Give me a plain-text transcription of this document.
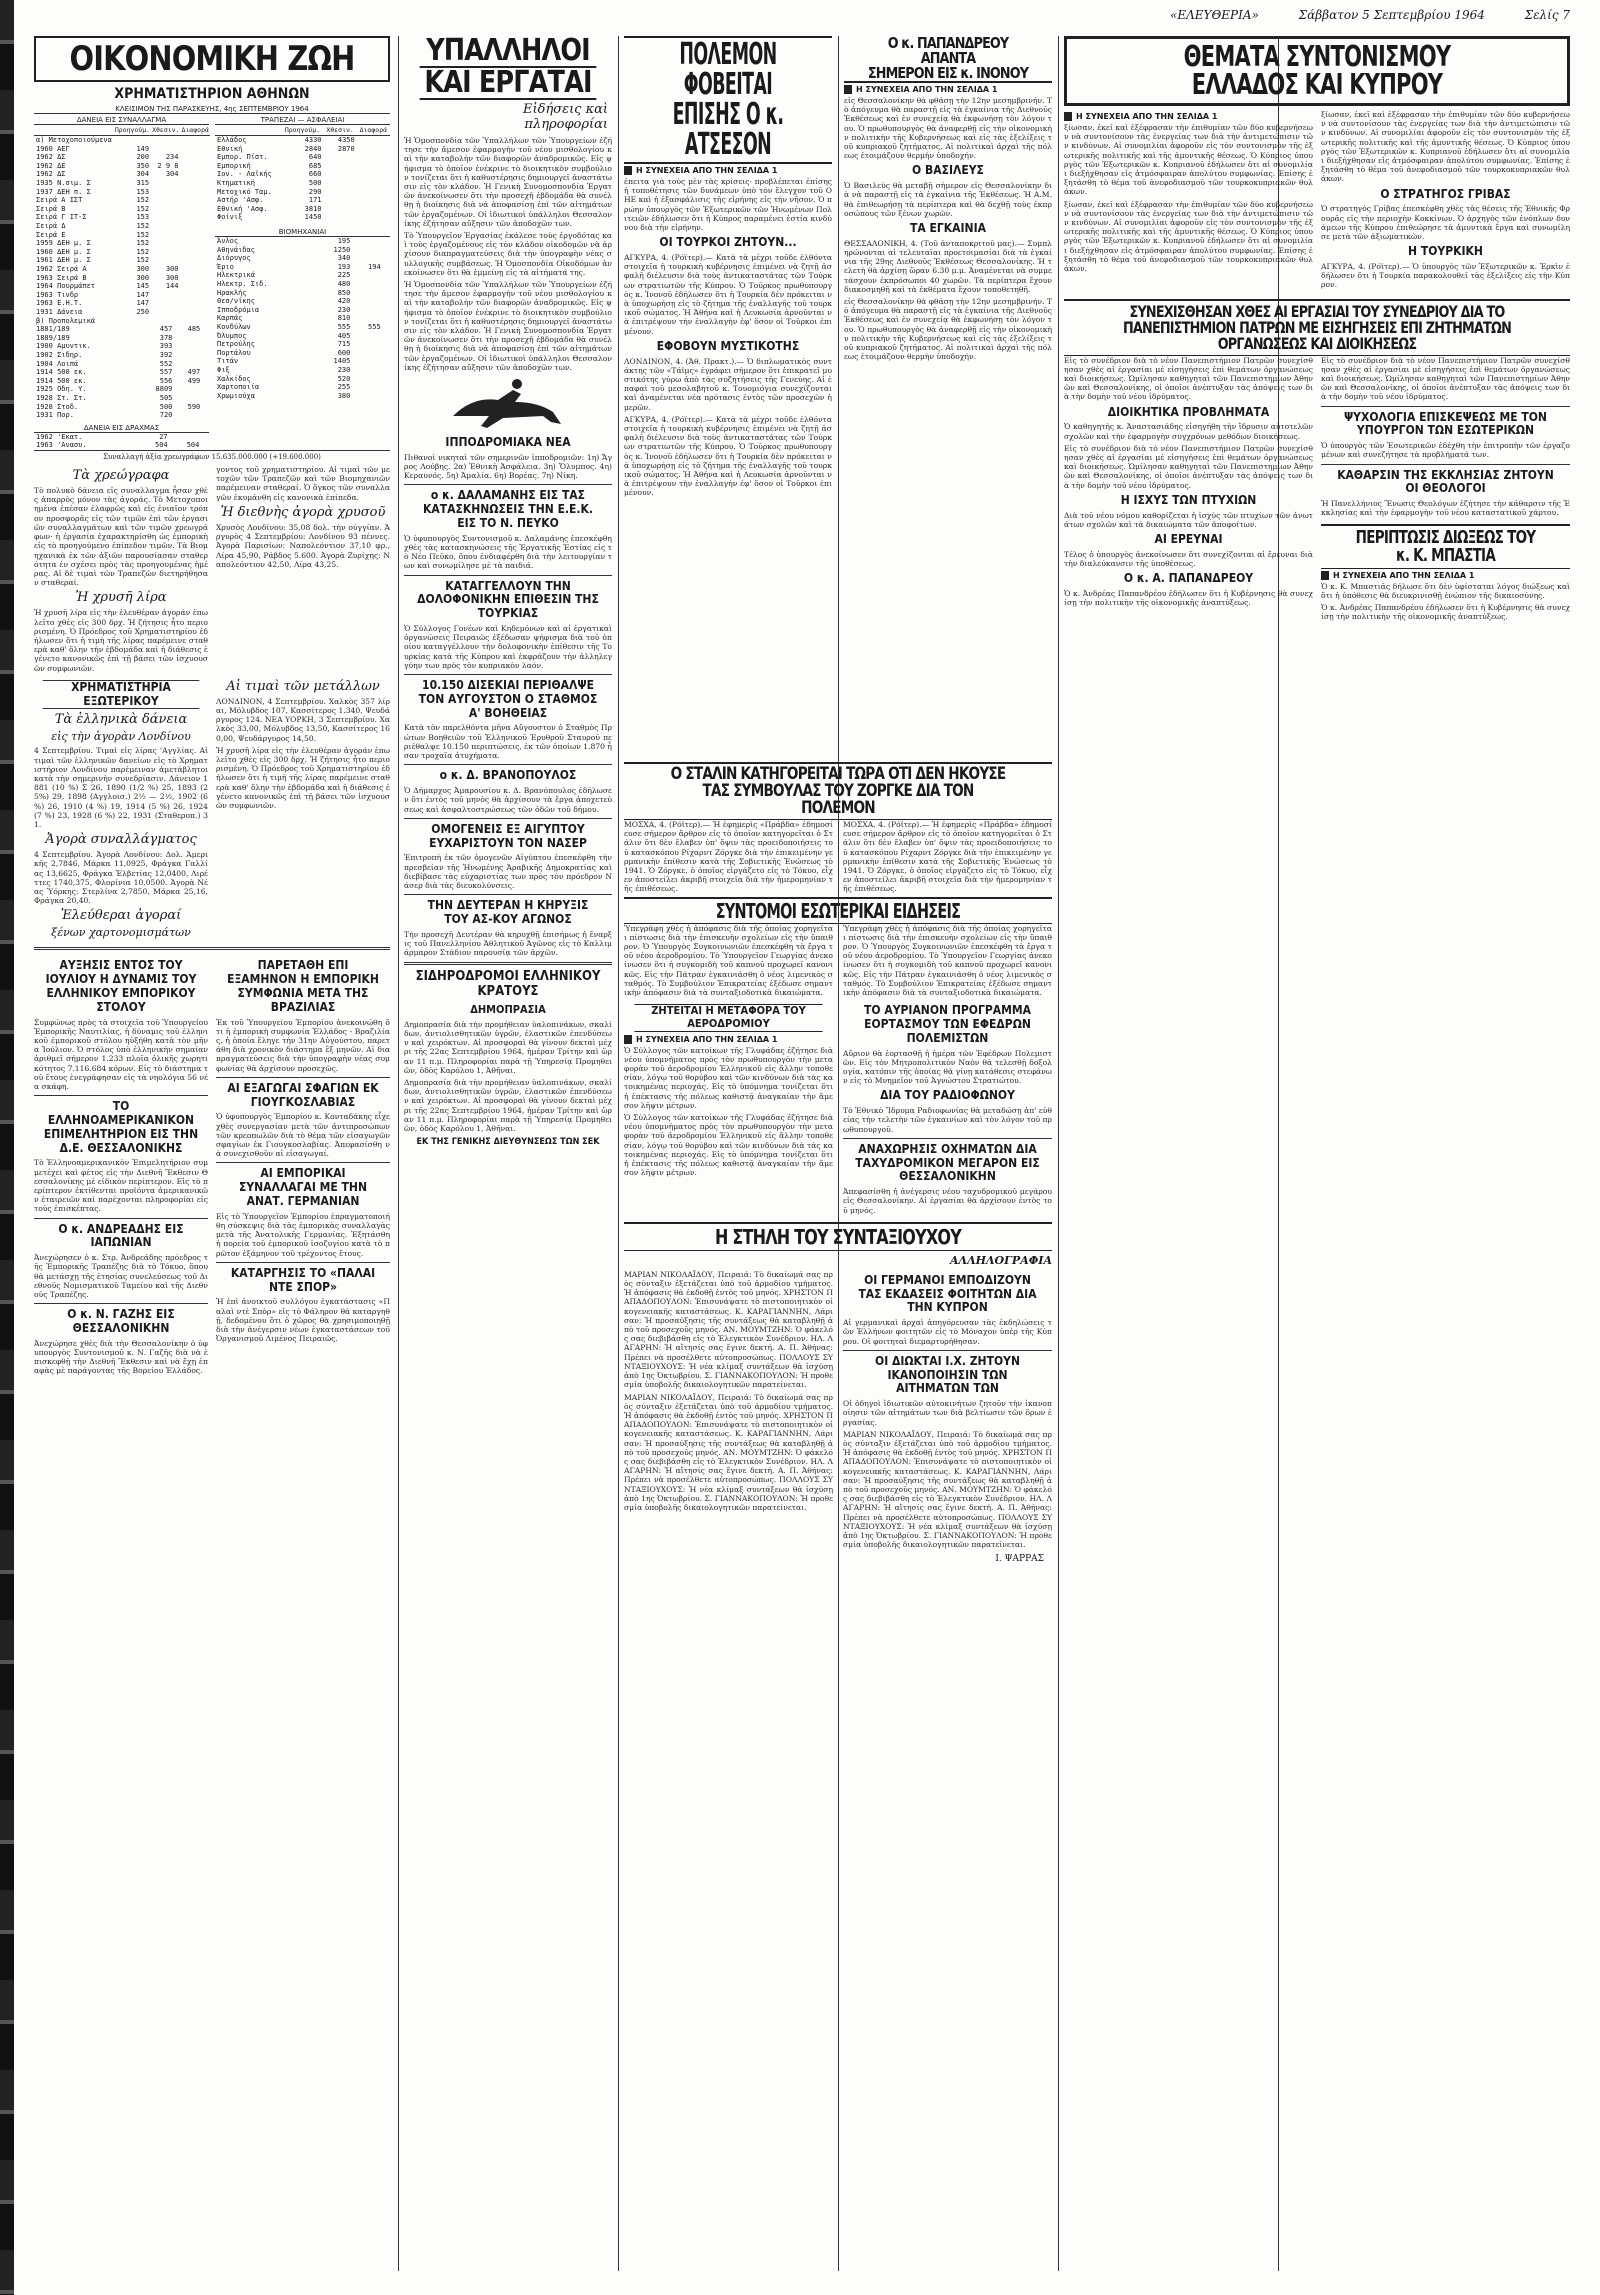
«ΕΛΕΥΘΕΡΙΑ»	Σάββατον 5 Σεπτεμβρίου 1964	Σελίς 7
ΟΙΚΟΝΟΜΙΚΗ ΖΩΗ
ΧΡΗΜΑΤΙΣΤΗΡΙΟΝ ΑΘΗΝΩΝ
ΚΛΕΙΣΙΜΟΝ ΤΗΣ ΠΑΡΑΣΚΕΥΗΣ, 4ης ΣΕΠΤΕΜΒΡΙΟΥ 1964
ΔΑΝΕΙΑ ΕΙΣ ΣΥΝΑΛΛΑΓΜΑ
	Προηγούμ.	Χθεσιν.	Διαφορά
α) Μετοχοποιούμενα			
1960 ΑΕΓ	149		
1962 ΔΣ	200	234	
1962 ΔΕ	350	2 9 8	
1962 ΔΣ	304	304	
1935 Ν.σιμ. Σ	315		
1937 ΔΕΗ π. Σ	153		
Σειρά Α ΙΣΤ	152		
Σειρά Β	152		
Σειρά Γ ΙΤ-Σ	153		
Σειρά Δ	152		
Σειρά Ε	152		
1959 ΔΕΗ μ. Σ	152		
1960 ΔΕΗ μ. Σ	152		
1961 ΔΕΗ μ. Σ	152		
1962 Σειρά Α	300	300	
1963 Σειρά Β	300	300	
1964 Πουρμάπετ	145	144	
1963 Τινδρ	147		
1963 Ε.Η.Τ.	147		
1931 Δάνεια	250		
β) Προπολεμικά			
1881/189	457	485	
1889/189	378		
1900 Αμυντικ.	393		
1902 Σιδηρ.	392		
1904 Λοιπά	552		
1914 500 εκ.	557	497	
1914 500 εκ.	556	499	
1925 Οδη. Υ.	8809		
1928 Στ. Στ.	505		
1928 Στοδ.	500	590	
1931 Πορ.	720		
ΔΑΝΕΙΑ ΕΙΣ ΔΡΑΧΜΑΣ
1962 'Εκατ.	27		
1963 'Ανασυ.	504	504	
ΤΡΑΠΕΖΑΙ — ΑΣΦΑΛΕΙΑΙ
	Προηγούμ.	Χθεσιν.	Διαφορά
Ελλάδος	4330	4350	
Εθνική	2840	2870	
Εμπορ. Πίστ.	640		
Εμπορική	685		
Ιον. - Λαϊκής	660		
Κτηματική	500		
Μετοχικό Ταμ.	290		
Αστήρ 'Ασφ.	171		
Εθνική 'Ασφ.	3810		
Φοίνιξ	1450		
ΒΙΟΜΗΧΑΝΙΑΙ
Άνλος	195		
Αθηνάιδας	1250		
Διόρυγος	340		
Έριο	193	194	
Ηλεκτρικά	225		
Ηλεκτρ. Σιδ.	480		
Ηρακλής	850		
Θεσ/νίκης	420		
Ιπποδρόμια	230		
Καρπάς	810		
Κονδύλων	555	555	
Όλυμπος	405		
Πετρούλης	715		
Πορτάλου	600		
Τιτάν	1405		
Φιξ	230		
Χαλκίδος	520		
Χαρτοποιία	255		
Χρωμιούχα	380		
Συναλλαγή ἀξία χρεωγράφων 15.635.000.000 (+19.600.000)
Τὰ χρεώγραφα

Τὸ πολυκὸ δάνεια εἰς συναλλαγμα ἦσαν χθὲς ἀπαρρὸς μόνον τὰς ἀγοράς. Τὸ Μετοχοποιημένα ἐπέσαν ἐλαφρῶς καὶ εἰς ἐνιαῖον τρόπον προσφορᾶς εἰς τῶν τιμῶν ἐπὶ τῶν ἐργασιῶν συναλλαγμάτων καὶ τῶν τιμῶν χρεωγράφων· ἡ ἐργασία ἐχαρακτηρίσθη ὡς ἐμπορικὴ εἰς τὸ προηγούμενο ἐπίπεδον τιμῶν. Τὰ Βιομηχανικὰ ἐκ τῶν ἀξιῶν παρουσίασαν σταθερότητα ἐν σχέσει πρὸς τὰς προηγουμένας ἡμέρας. Αἱ δὲ τιμαὶ τῶν Τραπεζῶν διετηρήθησαν σταθεραί.

Ἡ χρυσῆ λίρα

Ἡ χρυσῆ λίρα εἰς τὴν ἐλευθέραν ἀγοράν ἐπωλεῖτο χθὲς εἰς 300 δρχ. Ἡ ζήτησις ἦτο περιορισμένη. Ὁ Πρόεδρος τοῦ Χρηματιστηρίου ἐδήλωσεν ὅτι ἡ τιμὴ τῆς λίρας παρέμεινε σταθερὰ καθ' ὅλην τὴν ἑβδομάδα καὶ ἡ διάθεσις ἐγένετο κανονικῶς ἐπὶ τῇ βάσει τῶν ἰσχυουσῶν συμφωνιῶν.

γοντος τοῦ χρηματιστηρίου. Αἱ τιμαὶ τῶν μετοχῶν τῶν Τραπεζῶν καὶ τῶν Βιομηχανιῶν παρέμειναν σταθεραί. Ὁ ὄγκος τῶν συναλλαγῶν ἐκυμάνθη εἰς κανονικὰ ἐπίπεδα.

Ἡ διεθνὴς ἀγορὰ χρυσοῦ

Χρυσὸς Λονδίνου: 35,08 δολ. τὴν οὐγγίαν. Ἀργυρὸς 4 Σεπτεμβρίου: Λονδίνου 93 πέννες. Ἀγορὰ Παρισίων: Ναπολεόντιον 37,10 φρ., Λίρα 45,90, Ράβδος 5.600. Ἀγορὰ Ζυρίχης: Ναπολεόντιον 42,50, Λίρα 43,25.

ΧΡΗΜΑΤΙΣΤΗΡΙΑ ΕΞΩΤΕΡΙΚΟΥ
Τὰ ἑλληνικὰ δάνεια
εἰς τὴν ἀγορὰν Λονδίνου

4 Σεπτεμβρίου. Τιμαὶ εἰς λίρας 'Αγγλίας. Αἱ τιμαὶ τῶν ἑλληνικῶν δανείων εἰς τὸ Χρηματιστήριον Λονδίνου παρέμειναν ἀμετάβλητοι κατὰ τὴν σημερινὴν συνεδρίασιν. Δάνειον 1881 (10 %) Σ 26, 1890 (1/2 %) 25, 1893 (25%) 29, 1898 (Αγγλοισ.) 2½ — 2½, 1902 (6 %) 26, 1910 (4 %) 19, 1914 (5 %) 26, 1924 (7 %) 23, 1928 (6 %) 22, 1931 (Σταθεροπ.) 31.

Ἀγορὰ συναλλάγματος

4 Σεπτεμβρίου. Ἀγορὰ Λονδίνου: Δολ. Ἀμερικῆς 2,7846, Μάρκα 11,0925, Φράγκα Γαλλίας 13,6625, Φράγκα Ἐλβετίας 12,0400, Λιρέττες 1740,375, Φλορίνια 10,0500. Ἀγορὰ Νέας Ὑόρκης: Στερλίνα 2,7850, Μάρκα 25,16, Φράγκα 20,40.

Ἐλεύθεραι ἀγοραί
ξένων χαρτονομισμάτων
Αἱ τιμαὶ τῶν μετάλλων

ΛΟΝΔΙΝΟΝ, 4 Σεπτεμβρίου. Χαλκὸς 357 λίραι, Μόλυβδος 107, Κασσίτερος 1.340, Ψευδάργυρος 124. ΝΕΑ ΥΟΡΚΗ, 3 Σεπτεμβρίου. Χαλκὸς 33,00, Μόλυβδος 13,50, Κασσίτερος 160,00, Ψευδάργυρος 14,50.

Ἡ χρυσῆ λίρα εἰς τὴν ἐλευθέραν ἀγοράν ἐπωλεῖτο χθὲς εἰς 300 δρχ. Ἡ ζήτησις ἦτο περιορισμένη. Ὁ Πρόεδρος τοῦ Χρηματιστηρίου ἐδήλωσεν ὅτι ἡ τιμὴ τῆς λίρας παρέμεινε σταθερὰ καθ' ὅλην τὴν ἑβδομάδα καὶ ἡ διάθεσις ἐγένετο κανονικῶς ἐπὶ τῇ βάσει τῶν ἰσχυουσῶν συμφωνιῶν.

ΑΥΞΗΣΙΣ ΕΝΤΟΣ ΤΟΥ ΙΟΥΛΙΟΥ Η ΔΥΝΑΜΙΣ ΤΟΥ ΕΛΛΗΝΙΚΟΥ ΕΜΠΟΡΙΚΟΥ ΣΤΟΛΟΥ

Συμφώνως πρὸς τὰ στοιχεῖα τοῦ Ὑπουργείου Ἐμπορικῆς Ναυτιλίας, ἡ δύναμις τοῦ ἑλληνικοῦ ἐμπορικοῦ στόλου ηὐξήθη κατὰ τὸν μῆνα Ἰούλιον. Ὁ στόλος ὑπὸ ἑλληνικὴν σημαίαν ἀριθμεῖ σήμερον 1.233 πλοῖα ὁλικῆς χωρητικότητος 7.116.684 κόρων. Εἰς τὸ διάστημα τοῦ ἔτους ἐνεγράφησαν εἰς τὰ νηολόγια 56 νέα σκάφη.

ΤΟ ΕΛΛΗΝΟΑΜΕΡΙΚΑΝΙΚΟΝ ΕΠΙΜΕΛΗΤΗΡΙΟΝ ΕΙΣ ΤΗΝ Δ.Ε. ΘΕΣΣΑΛΟΝΙΚΗΣ

Τὸ Ἑλληνοαμερικανικὸν Ἐπιμελητήριον συμμετέχει καὶ φέτος εἰς τὴν Διεθνῆ Ἔκθεσιν Θεσσαλονίκης μὲ εἰδικὸν περίπτερον. Εἰς τὸ περίπτερον ἐκτίθενται προϊόντα ἀμερικανικῶν ἑταιρειῶν καὶ παρέχονται πληροφορίαι εἰς τοὺς ἐπισκέπτας.

Ο κ. ΑΝΔΡΕΑΔΗΣ ΕΙΣ ΙΑΠΩΝΙΑΝ

Ἀνεχώρησεν ὁ κ. Στρ. Ἀνδρεάδης πρόεδρος τῆς Ἐμπορικῆς Τραπέζης διὰ τὸ Τόκυο, ὅπου θὰ μετάσχῃ τῆς ἐτησίας συνελεύσεως τοῦ Διεθνοῦς Νομισματικοῦ Ταμείου καὶ τῆς Διεθνοῦς Τραπέζης.

Ο κ. Ν. ΓΑΖΗΣ ΕΙΣ ΘΕΣΣΑΛΟΝΙΚΗΝ

Ἀνεχώρησε χθὲς διὰ τὴν Θεσσαλονίκην ὁ ὑφυπουργὸς Συντονισμοῦ κ. Ν. Γαζῆς διὰ νὰ ἐπισκεφθῇ τὴν Διεθνῆ Ἔκθεσιν καὶ νὰ ἔχῃ ἐπαφὰς μὲ παράγοντας τῆς Βορείου Ἑλλάδος.

ΠΑΡΕΤΑΘΗ ΕΠΙ ΕΞΑΜΗΝΟΝ Η ΕΜΠΟΡΙΚΗ ΣΥΜΦΩΝΙΑ ΜΕΤΑ ΤΗΣ ΒΡΑΖΙΛΙΑΣ

Ἐκ τοῦ Ὑπουργείου Ἐμπορίου ἀνεκοινώθη ὅτι ἡ ἐμπορικὴ συμφωνία Ἑλλάδος - Βραζιλίας, ἡ ὁποία ἔληγε τὴν 31ην Αὐγούστου, παρετάθη διὰ χρονικὸν διάστημα ἓξ μηνῶν. Αἱ διαπραγματεύσεις διὰ τὴν ὑπογραφὴν νέας συμφωνίας θὰ ἀρχίσουν προσεχῶς.

ΑΙ ΕΞΑΓΩΓΑΙ ΣΦΑΓΙΩΝ ΕΚ ΓΙΟΥΓΚΟΣΛΑΒΙΑΣ

Ὁ ὑφυπουργὸς Ἐμπορίου κ. Κονταδάκης εἶχε χθὲς συνεργασίαν μετὰ τῶν ἀντιπροσώπων τῶν κρεοπωλῶν διὰ τὸ θέμα τῶν εἰσαγωγῶν σφαγίων ἐκ Γιουγκοσλαβίας. Ἀπεφασίσθη νὰ συνεχισθοῦν αἱ εἰσαγωγαί.

ΑΙ ΕΜΠΟΡΙΚΑΙ ΣΥΝΑΛΛΑΓΑΙ ΜΕ ΤΗΝ ΑΝΑΤ. ΓΕΡΜΑΝΙΑΝ

Εἰς τὸ Ὑπουργεῖον Ἐμπορίου ἐπραγματοποιήθη σύσκεψις διὰ τὰς ἐμπορικὰς συναλλαγὰς μετὰ τῆς Ἀνατολικῆς Γερμανίας. Ἐξητάσθη ἡ πορεία τοῦ ἐμπορικοῦ ἰσοζυγίου κατὰ τὸ πρῶτον ἑξάμηνον τοῦ τρέχοντος ἔτους.

ΚΑΤΑΡΓΗΣΙΣ ΤΟ «ΠΑΛΑΙ ΝΤΕ ΣΠΟΡ»

Ἡ ἐπὶ ἀνοικτοῦ συλλόγου ἐγκατάστασις «Παλαὶ ντὲ Σπὸρ» εἰς τὸ Φάληρον θὰ καταργηθῇ, δεδομένου ὅτι ὁ χῶρος θὰ χρησιμοποιηθῇ διὰ τὴν ἀνέγερσιν νέων ἐγκαταστάσεων τοῦ Ὀργανισμοῦ Λιμένος Πειραιῶς.

ΥΠΑΛΛΗΛΟΙ
ΚΑΙ ΕΡΓΑΤΑΙ
Εἰδήσεις καὶ
πληροφορίαι

Ἡ Ὁμοσπονδία τῶν Ὑπαλλήλων τῶν Ὑπουργείων ἐζήτησε τὴν ἄμεσον ἐφαρμογὴν τοῦ νέου μισθολογίου καὶ τὴν καταβολὴν τῶν διαφορῶν ἀναδρομικῶς. Εἰς ψήφισμα τὸ ὁποῖον ἐνέκρινε τὸ διοικητικὸν συμβούλιον τονίζεται ὅτι ἡ καθυστέρησις δημιουργεῖ ἀναστάτωσιν εἰς τὸν κλάδον. Ἡ Γενικὴ Συνομοσπονδία Ἐργατῶν ἀνεκοίνωσεν ὅτι τὴν προσεχῆ ἑβδομάδα θὰ συνέλθῃ ἡ διοίκησις διὰ νὰ ἀποφασίσῃ ἐπὶ τῶν αἰτημάτων τῶν ἐργαζομένων. Οἱ ἰδιωτικοὶ ὑπάλληλοι Θεσσαλονίκης ἐζήτησαν αὔξησιν τῶν ἀποδοχῶν των.

Τὸ Ὑπουργεῖον Ἐργασίας ἐκάλεσε τοὺς ἐργοδότας καὶ τοὺς ἐργαζομένους εἰς τὸν κλάδον οἰκοδομῶν νὰ ἀρχίσουν διαπραγματεύσεις διὰ τὴν ὑπογραφὴν νέας συλλογικῆς συμβάσεως. Ἡ Ὁμοσπονδία Οἰκοδόμων ἀνεκοίνωσεν ὅτι θὰ ἐμμείνῃ εἰς τὰ αἰτήματά της.

Ἡ Ὁμοσπονδία τῶν Ὑπαλλήλων τῶν Ὑπουργείων ἐζήτησε τὴν ἄμεσον ἐφαρμογὴν τοῦ νέου μισθολογίου καὶ τὴν καταβολὴν τῶν διαφορῶν ἀναδρομικῶς. Εἰς ψήφισμα τὸ ὁποῖον ἐνέκρινε τὸ διοικητικὸν συμβούλιον τονίζεται ὅτι ἡ καθυστέρησις δημιουργεῖ ἀναστάτωσιν εἰς τὸν κλάδον. Ἡ Γενικὴ Συνομοσπονδία Ἐργατῶν ἀνεκοίνωσεν ὅτι τὴν προσεχῆ ἑβδομάδα θὰ συνέλθῃ ἡ διοίκησις διὰ νὰ ἀποφασίσῃ ἐπὶ τῶν αἰτημάτων τῶν ἐργαζομένων. Οἱ ἰδιωτικοὶ ὑπάλληλοι Θεσσαλονίκης ἐζήτησαν αὔξησιν τῶν ἀποδοχῶν των.

ΙΠΠΟΔΡΟΜΙΑΚΑ ΝΕΑ

Πιθανοὶ νικηταὶ τῶν σημερινῶν ἱπποδρομιῶν: 1η) Ἄγρος Λούβης. 2α) Ἐθνικὴ Ἀσφάλεια. 3η) Ὅλυμπος. 4η) Κεραυνός. 5η) Ἀμαλία. 6η) Βορέας. 7η) Νίκη.

ο κ. ΔΑΛΑΜΑΝΗΣ ΕΙΣ ΤΑΣ ΚΑΤΑΣΚΗΝΩΣΕΙΣ ΤΗΝ Ε.Ε.Κ. ΕΙΣ ΤΟ Ν. ΠΕΥΚΟ

Ὁ ὑφυπουργὸς Συντονισμοῦ κ. Δαλαμάνης ἐπεσκέφθη χθὲς τὰς κατασκηνώσεις τῆς Ἐργατικῆς Ἑστίας εἰς τὸ Νέο Πεῦκο, ὅπου ἐνδιαφέρθη διὰ τὴν λειτουργίαν των καὶ συνωμίλησε μὲ τὰ παιδιά.

ΚΑΤΑΓΓΕΛΛΟΥΝ ΤΗΝ ΔΟΛΟΦΟΝΙΚΗΝ ΕΠΙΘΕΣΙΝ ΤΗΣ ΤΟΥΡΚΙΑΣ

Ὁ Σύλλογος Γονέων καὶ Κηδεμόνων καὶ αἱ ἐργατικαὶ ὀργανώσεις Πειραιῶς ἐξέδωσαν ψήφισμα διὰ τοῦ ὁποίου καταγγέλλουν τὴν δολοφονικὴν ἐπίθεσιν τῆς Τουρκίας κατὰ τῆς Κύπρου καὶ ἐκφράζουν τὴν ἀλληλεγγύην των πρὸς τὸν κυπριακὸν λαόν.

10.150 ΔΙΣΕΚΙΑΙ ΠΕΡΙΘΑΛΨΕ ΤΟΝ ΑΥΓΟΥΣΤΟΝ Ο ΣΤΑΘΜΟΣ Α' ΒΟΗΘΕΙΑΣ

Κατὰ τὸν παρελθόντα μῆνα Αὔγουστον ὁ Σταθμὸς Πρώτων Βοηθειῶν τοῦ Ἑλληνικοῦ Ἐρυθροῦ Σταυροῦ περιέθαλψε 10.150 περιπτώσεις, ἐκ τῶν ὁποίων 1.870 ἦσαν τροχαῖα ἀτυχήματα.

ο κ. Δ. ΒΡΑΝΟΠΟΥΛΟΣ

Ὁ Δήμαρχος Ἀμαρουσίου κ. Δ. Βρανόπουλος ἐδήλωσεν ὅτι ἐντὸς τοῦ μηνὸς θὰ ἀρχίσουν τὰ ἔργα ἀποχετεύσεως καὶ ἀσφαλτοστρώσεως τῶν ὁδῶν τοῦ δήμου.

ΟΜΟΓΕΝΕΙΣ ΕΞ ΑΙΓΥΠΤΟΥ ΕΥΧΑΡΙΣΤΟΥΝ ΤΟΝ ΝΑΣΕΡ

Ἐπιτροπὴ ἐκ τῶν ὁμογενῶν Αἰγύπτου ἐπεσκέφθη τὴν πρεσβείαν τῆς Ἡνωμένης Ἀραβικῆς Δημοκρατίας καὶ διεβίβασε τὰς εὐχαριστίας των πρὸς τὸν πρόεδρον Νάσερ διὰ τὰς διευκολύνσεις.

ΤΗΝ ΔΕΥΤΕΡΑΝ Η ΚΗΡΥΞΙΣ ΤΟΥ ΑΣ-ΚΟΥ ΑΓΩΝΟΣ

Τὴν προσεχῆ Δευτέραν θὰ κηρυχθῇ ἐπισήμως ἡ ἔναρξις τοῦ Πανελληνίου Ἀθλητικοῦ Ἀγῶνος εἰς τὸ Καλλιμάρμαρον Στάδιον παρουσίᾳ τῶν ἀρχῶν.

ΣΙΔΗΡΟΔΡΟΜΟΙ ΕΛΛΗΝΙΚΟΥ ΚΡΑΤΟΥΣ
ΔΗΜΟΠΡΑΣΙΑ

Δημοπρασία διὰ τὴν προμήθειαν ὑαλοπινάκων, σκαλίδων, ἀντιολισθητικῶν ὑγρῶν, ἐλαστικῶν ἐπενδύσεων καὶ χειρόκτων. Αἱ προσφοραὶ θὰ γίνουν δεκταὶ μέχρι τῆς 22ας Σεπτεμβρίου 1964, ἡμέραν Τρίτην καὶ ὥραν 11 π.μ. Πληροφορίαι παρὰ τῇ Ὑπηρεσίᾳ Προμηθειῶν, ὁδὸς Καρόλου 1, Ἀθῆναι.

Δημοπρασία διὰ τὴν προμήθειαν ὑαλοπινάκων, σκαλίδων, ἀντιολισθητικῶν ὑγρῶν, ἐλαστικῶν ἐπενδύσεων καὶ χειρόκτων. Αἱ προσφοραὶ θὰ γίνουν δεκταὶ μέχρι τῆς 22ας Σεπτεμβρίου 1964, ἡμέραν Τρίτην καὶ ὥραν 11 π.μ. Πληροφορίαι παρὰ τῇ Ὑπηρεσίᾳ Προμηθειῶν, ὁδὸς Καρόλου 1, Ἀθῆναι.

ΕΚ ΤΗΣ ΓΕΝΙΚΗΣ ΔΙΕΥΘΥΝΣΕΩΣ ΤΩΝ ΣΕΚ
ΠΟΛΕΜΟΝ ΦΟΒΕΙΤΑΙ
ΕΠΙΣΗΣ Ο κ. ΑΤΣΕΣΟΝ
Η ΣΥΝΕΧΕΙΑ ΑΠΟ ΤΗΝ ΣΕΛΙΔΑ 1

ἐπειτα γιὰ τοὺς μὲν τὰς κρίσεις· προβλέπεται ἐπίσης ἡ τοποθέτησις τῶν δυνάμεων ὑπὸ τὸν ἔλεγχον τοῦ ΟΗΕ καὶ ἡ ἐξασφάλισις τῆς εἰρήνης εἰς τὴν νῆσον. Ὁ πρώην ὑπουργὸς τῶν Ἐξωτερικῶν τῶν Ἡνωμένων Πολιτειῶν ἐδήλωσεν ὅτι ἡ Κύπρος παραμένει ἐστία κινδύνου διὰ τὴν εἰρήνην.

ΟΙ ΤΟΥΡΚΟΙ ΖΗΤΟΥΝ...

ΑΓΚΥΡΑ, 4. (Ρόϊτερ).— Κατὰ τὰ μέχρι τοῦδε ἐλθόντα στοιχεῖα ἡ τουρκικὴ κυβέρνησις ἐπιμένει νὰ ζητῇ ἀσφαλῆ διέλευσιν διὰ τοὺς ἀντικαταστάτας τῶν Τούρκων στρατιωτῶν τῆς Κύπρου. Ὁ Τοῦρκος πρωθυπουργὸς κ. Ἰνονοῦ ἐδήλωσεν ὅτι ἡ Τουρκία δὲν πρόκειται νὰ ὑποχωρήσῃ εἰς τὸ ζήτημα τῆς ἐναλλαγῆς τοῦ τουρκικοῦ σώματος. Ἡ Ἀθήνα καὶ ἡ Λευκωσία ἀρνοῦνται νὰ ἐπιτρέψουν τὴν ἐναλλαγὴν ἐφ' ὅσον οἱ Τοῦρκοι ἐπιμένουν.

ΕΦΟΒΟΥΝ ΜΥΣΤΙΚΟΤΗΣ

ΛΟΝΔΙΝΟΝ, 4. (Ἀθ. Πρακτ.).— Ὁ διπλωματικὸς συντάκτης τῶν «Τάϊμς» ἐγράφει σήμερον ὅτι ἐπικρατεῖ μυστικότης γύρω ἀπὸ τὰς συζητήσεις τῆς Γενεύης. Αἱ ἐπαφαὶ τοῦ μεσολαβητοῦ κ. Τουομιόγια συνεχίζονται καὶ ἀναμένεται νέα πρότασις ἐντὸς τῶν προσεχῶν ἡμερῶν.

ΑΓΚΥΡΑ, 4. (Ρόϊτερ).— Κατὰ τὰ μέχρι τοῦδε ἐλθόντα στοιχεῖα ἡ τουρκικὴ κυβέρνησις ἐπιμένει νὰ ζητῇ ἀσφαλῆ διέλευσιν διὰ τοὺς ἀντικαταστάτας τῶν Τούρκων στρατιωτῶν τῆς Κύπρου. Ὁ Τοῦρκος πρωθυπουργὸς κ. Ἰνονοῦ ἐδήλωσεν ὅτι ἡ Τουρκία δὲν πρόκειται νὰ ὑποχωρήσῃ εἰς τὸ ζήτημα τῆς ἐναλλαγῆς τοῦ τουρκικοῦ σώματος. Ἡ Ἀθήνα καὶ ἡ Λευκωσία ἀρνοῦνται νὰ ἐπιτρέψουν τὴν ἐναλλαγὴν ἐφ' ὅσον οἱ Τοῦρκοι ἐπιμένουν.

Ο κ. ΠΑΠΑΝΔΡΕΟΥ ΑΠΑΝΤΑ
ΣΗΜΕΡΟΝ ΕΙΣ κ. ΙΝΟΝΟΥ
Η ΣΥΝΕΧΕΙΑ ΑΠΟ ΤΗΝ ΣΕΛΙΔΑ 1

εἰς Θεσσαλονίκην θὰ φθάσῃ τὴν 12ην μεσημβρινήν. Τὸ ἀπόγευμα θὰ παραστῇ εἰς τὰ ἐγκαίνια τῆς Διεθνοῦς Ἐκθέσεως καὶ ἐν συνεχείᾳ θὰ ἐκφωνήσῃ τὸν λόγον του. Ὁ πρωθυπουργὸς θὰ ἀναφερθῇ εἰς τὴν οἰκονομικὴν πολιτικὴν τῆς Κυβερνήσεως καὶ εἰς τὰς ἐξελίξεις τοῦ κυπριακοῦ ζητήματος. Αἱ πολιτικαὶ ἀρχαὶ τῆς πόλεως ἐτοιμάζουν θερμὴν ὑποδοχήν.

Ο ΒΑΣΙΛΕΥΣ

Ὁ Βασιλεὺς θὰ μεταβῇ σήμερον εἰς Θεσσαλονίκην διὰ νὰ παραστῇ εἰς τὰ ἐγκαίνια τῆς Ἐκθέσεως. Ἡ Α.Μ. θὰ ἐπιθεωρήσῃ τὰ περίπτερα καὶ θὰ δεχθῇ τοὺς ἐκπροσώπους τῶν ξένων χωρῶν.

ΤΑ ΕΓΚΑΙΝΙΑ

ΘΕΣΣΑΛΟΝΙΚΗ, 4. (Τοῦ ἀνταποκριτοῦ μας).— Συμπληρώνονται αἱ τελευταῖαι προετοιμασίαι διὰ τὰ ἐγκαίνια τῆς 29ης Διεθνοῦς Ἐκθέσεως Θεσσαλονίκης. Ἡ τελετὴ θὰ ἀρχίσῃ ὥραν 6.30 μ.μ. Ἀναμένεται νὰ συμμετάσχουν ἐκπρόσωποι 40 χωρῶν. Τὰ περίπτερα ἔχουν διακοσμηθῆ καὶ τὰ ἐκθέματα ἔχουν τοποθετηθῆ.

εἰς Θεσσαλονίκην θὰ φθάσῃ τὴν 12ην μεσημβρινήν. Τὸ ἀπόγευμα θὰ παραστῇ εἰς τὰ ἐγκαίνια τῆς Διεθνοῦς Ἐκθέσεως καὶ ἐν συνεχείᾳ θὰ ἐκφωνήσῃ τὸν λόγον του. Ὁ πρωθυπουργὸς θὰ ἀναφερθῇ εἰς τὴν οἰκονομικὴν πολιτικὴν τῆς Κυβερνήσεως καὶ εἰς τὰς ἐξελίξεις τοῦ κυπριακοῦ ζητήματος. Αἱ πολιτικαὶ ἀρχαὶ τῆς πόλεως ἐτοιμάζουν θερμὴν ὑποδοχήν.

Ο ΣΤΑΛΙΝ ΚΑΤΗΓΟΡΕΙΤΑΙ ΤΩΡΑ ΟΤΙ ΔΕΝ ΗΚΟΥΣΕ ΤΑΣ ΣΥΜΒΟΥΛΑΣ ΤΟΥ ΖΟΡΓΚΕ ΔΙΑ ΤΟΝ ΠΟΛΕΜΟΝ

ΜΟΣΧΑ, 4. (Ρόϊτερ).— Ἡ ἐφημερὶς «Πράβδα» ἐδημοσίευσε σήμερον ἄρθρον εἰς τὸ ὁποῖον κατηγορεῖται ὁ Στάλιν ὅτι δὲν ἔλαβεν ὑπ' ὄψιν τὰς προειδοποιήσεις τοῦ κατασκόπου Ρίχαρντ Ζόργκε διὰ τὴν ἐπικειμένην γερμανικὴν ἐπίθεσιν κατὰ τῆς Σοβιετικῆς Ἑνώσεως τὸ 1941. Ὁ Ζόργκε, ὁ ὁποῖος εἰργάζετο εἰς τὸ Τόκυο, εἶχεν ἀποστείλει ἀκριβῆ στοιχεῖα διὰ τὴν ἡμερομηνίαν τῆς ἐπιθέσεως.

ΜΟΣΧΑ, 4. (Ρόϊτερ).— Ἡ ἐφημερὶς «Πράβδα» ἐδημοσίευσε σήμερον ἄρθρον εἰς τὸ ὁποῖον κατηγορεῖται ὁ Στάλιν ὅτι δὲν ἔλαβεν ὑπ' ὄψιν τὰς προειδοποιήσεις τοῦ κατασκόπου Ρίχαρντ Ζόργκε διὰ τὴν ἐπικειμένην γερμανικὴν ἐπίθεσιν κατὰ τῆς Σοβιετικῆς Ἑνώσεως τὸ 1941. Ὁ Ζόργκε, ὁ ὁποῖος εἰργάζετο εἰς τὸ Τόκυο, εἶχεν ἀποστείλει ἀκριβῆ στοιχεῖα διὰ τὴν ἡμερομηνίαν τῆς ἐπιθέσεως.

ΣΥΝΤΟΜΟΙ ΕΣΩΤΕΡΙΚΑΙ ΕΙΔΗΣΕΙΣ

Ὑπεγράφη χθὲς ἡ ἀπόφασις διὰ τῆς ὁποίας χορηγεῖται πίστωσις διὰ τὴν ἐπισκευὴν σχολείων εἰς τὴν ὕπαιθρον. Ὁ Ὑπουργὸς Συγκοινωνιῶν ἐπεσκέφθη τὰ ἔργα τοῦ νέου ἀεροδρομίου. Τὸ Ὑπουργεῖον Γεωργίας ἀνεκοίνωσεν ὅτι ἡ συγκομιδὴ τοῦ καπνοῦ προχωρεῖ κανονικῶς. Εἰς τὴν Πάτραν ἐγκαινιάσθη ὁ νέος λιμενικὸς σταθμός. Τὸ Συμβούλιον Ἐπικρατείας ἐξέδωσε σημαντικὴν ἀπόφασιν διὰ τὰ συνταξιοδοτικὰ δικαιώματα.

Ὑπεγράφη χθὲς ἡ ἀπόφασις διὰ τῆς ὁποίας χορηγεῖται πίστωσις διὰ τὴν ἐπισκευὴν σχολείων εἰς τὴν ὕπαιθρον. Ὁ Ὑπουργὸς Συγκοινωνιῶν ἐπεσκέφθη τὰ ἔργα τοῦ νέου ἀεροδρομίου. Τὸ Ὑπουργεῖον Γεωργίας ἀνεκοίνωσεν ὅτι ἡ συγκομιδὴ τοῦ καπνοῦ προχωρεῖ κανονικῶς. Εἰς τὴν Πάτραν ἐγκαινιάσθη ὁ νέος λιμενικὸς σταθμός. Τὸ Συμβούλιον Ἐπικρατείας ἐξέδωσε σημαντικὴν ἀπόφασιν διὰ τὰ συνταξιοδοτικὰ δικαιώματα.

ΖΗΤΕΙΤΑΙ Η ΜΕΤΑΦΟΡΑ ΤΟΥ ΑΕΡΟΔΡΟΜΙΟΥ
Η ΣΥΝΕΧΕΙΑ ΑΠΟ ΤΗΝ ΣΕΛΙΔΑ 1

Ὁ Σύλλογος τῶν κατοίκων τῆς Γλυφάδας ἐζήτησε διὰ νέου ὑπομνήματος πρὸς τὸν πρωθυπουργὸν τὴν μεταφορὰν τοῦ ἀεροδρομίου Ἑλληνικοῦ εἰς ἄλλην τοποθεσίαν, λόγῳ τοῦ θορύβου καὶ τῶν κινδύνων διὰ τὰς κατοικημένας περιοχάς. Εἰς τὸ ὑπόμνημα τονίζεται ὅτι ἡ ἐπέκτασις τῆς πόλεως καθιστᾷ ἀναγκαίαν τὴν ἄμεσον λῆψιν μέτρων.

Ὁ Σύλλογος τῶν κατοίκων τῆς Γλυφάδας ἐζήτησε διὰ νέου ὑπομνήματος πρὸς τὸν πρωθυπουργὸν τὴν μεταφορὰν τοῦ ἀεροδρομίου Ἑλληνικοῦ εἰς ἄλλην τοποθεσίαν, λόγῳ τοῦ θορύβου καὶ τῶν κινδύνων διὰ τὰς κατοικημένας περιοχάς. Εἰς τὸ ὑπόμνημα τονίζεται ὅτι ἡ ἐπέκτασις τῆς πόλεως καθιστᾷ ἀναγκαίαν τὴν ἄμεσον λῆψιν μέτρων.

ΤΟ ΑΥΡΙΑΝΟΝ ΠΡΟΓΡΑΜΜΑ ΕΟΡΤΑΣΜΟΥ ΤΩΝ ΕΦΕΔΡΩΝ ΠΟΛΕΜΙΣΤΩΝ

Αὔριον θὰ ἑορτασθῇ ἡ ἡμέρα τῶν Ἐφέδρων Πολεμιστῶν. Εἰς τὸν Μητροπολιτικὸν Ναὸν θὰ τελεσθῇ δοξολογία, κατόπιν τῆς ὁποίας θὰ γίνῃ κατάθεσις στεφάνων εἰς τὸ Μνημεῖον τοῦ Ἀγνώστου Στρατιώτου.

ΔΙΑ ΤΟΥ ΡΑΔΙΟΦΩΝΟΥ

Τὸ Ἐθνικὸ Ἵδρυμα Ραδιοφωνίας θὰ μεταδώσῃ ἀπ' εὐθείας τὴν τελετὴν τῶν ἐγκαινίων καὶ τὸν λόγον τοῦ πρωθυπουργοῦ.

ΑΝΑΧΩΡΗΣΙΣ ΟΧΗΜΑΤΩΝ ΔΙΑ ΤΑΧΥΔΡΟΜΙΚΟΝ ΜΕΓΑΡΟΝ ΕΙΣ ΘΕΣΣΑΛΟΝΙΚΗΝ

Ἀπεφασίσθη ἡ ἀνέγερσις νέου ταχυδρομικοῦ μεγάρου εἰς Θεσσαλονίκην. Αἱ ἐργασίαι θὰ ἀρχίσουν ἐντὸς τοῦ μηνός.

Η ΣΤΗΛΗ ΤΟΥ ΣΥΝΤΑΞΙΟΥΧΟΥ
ΑΛΛΗΛΟΓΡΑΦΙΑ

ΜΑΡΙΑΝ ΝΙΚΟΛΑΪΔΟΥ, Πειραιά: Τὸ δικαίωμά σας πρὸς σύνταξιν ἐξετάζεται ὑπὸ τοῦ ἁρμοδίου τμήματος. Ἡ ἀπόφασις θὰ ἐκδοθῇ ἐντὸς τοῦ μηνός. ΧΡΗΣΤΟΝ ΠΑΠΑΔΟΠΟΥΛΟΝ: Ἐπισυνάψατε τὸ πιστοποιητικὸν οἰκογενειακῆς καταστάσεως. Κ. ΚΑΡΑΓΙΑΝΝΗΝ, Λάρισαν: Ἡ προσαύξησις τῆς συντάξεως θὰ καταβληθῇ ἀπὸ τοῦ προσεχοῦς μηνός. ΑΝ. ΜΟΥΜΤΖΗΝ: Ὁ φάκελός σας διεβιβάσθη εἰς τὸ Ἐλεγκτικὸν Συνέδριον. ΗΛ. ΛΑΓΑΡΗΝ: Ἡ αἴτησίς σας ἔγινε δεκτή. Α. Π. Ἀθήνας: Πρέπει νὰ προσέλθετε αὐτοπροσώπως. ΠΟΛΛΟΥΣ ΣΥΝΤΑΞΙΟΥΧΟΥΣ: Ἡ νέα κλίμαξ συντάξεων θὰ ἰσχύσῃ ἀπὸ 1ης Ὀκτωβρίου. Σ. ΓΙΑΝΝΑΚΟΠΟΥΛΟΝ: Ἡ προθεσμία ὑποβολῆς δικαιολογητικῶν παρατείνεται.

ΜΑΡΙΑΝ ΝΙΚΟΛΑΪΔΟΥ, Πειραιά: Τὸ δικαίωμά σας πρὸς σύνταξιν ἐξετάζεται ὑπὸ τοῦ ἁρμοδίου τμήματος. Ἡ ἀπόφασις θὰ ἐκδοθῇ ἐντὸς τοῦ μηνός. ΧΡΗΣΤΟΝ ΠΑΠΑΔΟΠΟΥΛΟΝ: Ἐπισυνάψατε τὸ πιστοποιητικὸν οἰκογενειακῆς καταστάσεως. Κ. ΚΑΡΑΓΙΑΝΝΗΝ, Λάρισαν: Ἡ προσαύξησις τῆς συντάξεως θὰ καταβληθῇ ἀπὸ τοῦ προσεχοῦς μηνός. ΑΝ. ΜΟΥΜΤΖΗΝ: Ὁ φάκελός σας διεβιβάσθη εἰς τὸ Ἐλεγκτικὸν Συνέδριον. ΗΛ. ΛΑΓΑΡΗΝ: Ἡ αἴτησίς σας ἔγινε δεκτή. Α. Π. Ἀθήνας: Πρέπει νὰ προσέλθετε αὐτοπροσώπως. ΠΟΛΛΟΥΣ ΣΥΝΤΑΞΙΟΥΧΟΥΣ: Ἡ νέα κλίμαξ συντάξεων θὰ ἰσχύσῃ ἀπὸ 1ης Ὀκτωβρίου. Σ. ΓΙΑΝΝΑΚΟΠΟΥΛΟΝ: Ἡ προθεσμία ὑποβολῆς δικαιολογητικῶν παρατείνεται.

ΟΙ ΓΕΡΜΑΝΟΙ ΕΜΠΟΔΙΖΟΥΝ ΤΑΣ ΕΚΔΑΣΕΙΣ ΦΟΙΤΗΤΩΝ ΔΙΑ ΤΗΝ ΚΥΠΡΟΝ

Αἱ γερμανικαὶ ἀρχαὶ ἀπηγόρευσαν τὰς ἐκδηλώσεις τῶν Ἑλλήνων φοιτητῶν εἰς τὸ Μόναχον ὑπὲρ τῆς Κύπρου. Οἱ φοιτηταὶ διεμαρτυρήθησαν.

ΟΙ ΔΙΩΚΤΑΙ Ι.Χ. ΖΗΤΟΥΝ ΙΚΑΝΟΠΟΙΗΣΙΝ ΤΩΝ ΑΙΤΗΜΑΤΩΝ ΤΩΝ

Οἱ ὁδηγοὶ ἰδιωτικῶν αὐτοκινήτων ζητοῦν τὴν ἱκανοποίησιν τῶν αἰτημάτων των διὰ βελτίωσιν τῶν ὅρων ἐργασίας.

ΜΑΡΙΑΝ ΝΙΚΟΛΑΪΔΟΥ, Πειραιά: Τὸ δικαίωμά σας πρὸς σύνταξιν ἐξετάζεται ὑπὸ τοῦ ἁρμοδίου τμήματος. Ἡ ἀπόφασις θὰ ἐκδοθῇ ἐντὸς τοῦ μηνός. ΧΡΗΣΤΟΝ ΠΑΠΑΔΟΠΟΥΛΟΝ: Ἐπισυνάψατε τὸ πιστοποιητικὸν οἰκογενειακῆς καταστάσεως. Κ. ΚΑΡΑΓΙΑΝΝΗΝ, Λάρισαν: Ἡ προσαύξησις τῆς συντάξεως θὰ καταβληθῇ ἀπὸ τοῦ προσεχοῦς μηνός. ΑΝ. ΜΟΥΜΤΖΗΝ: Ὁ φάκελός σας διεβιβάσθη εἰς τὸ Ἐλεγκτικὸν Συνέδριον. ΗΛ. ΛΑΓΑΡΗΝ: Ἡ αἴτησίς σας ἔγινε δεκτή. Α. Π. Ἀθήνας: Πρέπει νὰ προσέλθετε αὐτοπροσώπως. ΠΟΛΛΟΥΣ ΣΥΝΤΑΞΙΟΥΧΟΥΣ: Ἡ νέα κλίμαξ συντάξεων θὰ ἰσχύσῃ ἀπὸ 1ης Ὀκτωβρίου. Σ. ΓΙΑΝΝΑΚΟΠΟΥΛΟΝ: Ἡ προθεσμία ὑποβολῆς δικαιολογητικῶν παρατείνεται.

Ι. ΨΑΡΡΑΣ
ΘΕΜΑΤΑ ΣΥΝΤΟΝΙΣΜΟΥ
ΕΛΛΑΔΟΣ ΚΑΙ ΚΥΠΡΟΥ
Η ΣΥΝΕΧΕΙΑ ΑΠΟ ΤΗΝ ΣΕΛΙΔΑ 1

ξίωσαν, ἐκεῖ καὶ ἐξέφρασαν τὴν ἐπιθυμίαν τῶν δύο κυβερνήσεων νὰ συντονίσουν τὰς ἐνεργείας των διὰ τὴν ἀντιμετώπισιν τῶν κινδύνων. Αἱ συνομιλίαι ἀφοροῦν εἰς τὸν συντονισμὸν τῆς ἐξωτερικῆς πολιτικῆς καὶ τῆς ἀμυντικῆς θέσεως. Ὁ Κύπριος ὑπουργὸς τῶν Ἐξωτερικῶν κ. Κυπριανοῦ ἐδήλωσεν ὅτι αἱ συνομιλίαι διεξήχθησαν εἰς ἀτμόσφαιραν ἀπολύτου συμφωνίας. Ἐπίσης ἐξητάσθη τὸ θέμα τοῦ ἀνεφοδιασμοῦ τῶν τουρκοκυπριακῶν θυλάκων.

ξίωσαν, ἐκεῖ καὶ ἐξέφρασαν τὴν ἐπιθυμίαν τῶν δύο κυβερνήσεων νὰ συντονίσουν τὰς ἐνεργείας των διὰ τὴν ἀντιμετώπισιν τῶν κινδύνων. Αἱ συνομιλίαι ἀφοροῦν εἰς τὸν συντονισμὸν τῆς ἐξωτερικῆς πολιτικῆς καὶ τῆς ἀμυντικῆς θέσεως. Ὁ Κύπριος ὑπουργὸς τῶν Ἐξωτερικῶν κ. Κυπριανοῦ ἐδήλωσεν ὅτι αἱ συνομιλίαι διεξήχθησαν εἰς ἀτμόσφαιραν ἀπολύτου συμφωνίας. Ἐπίσης ἐξητάσθη τὸ θέμα τοῦ ἀνεφοδιασμοῦ τῶν τουρκοκυπριακῶν θυλάκων.

ξίωσαν, ἐκεῖ καὶ ἐξέφρασαν τὴν ἐπιθυμίαν τῶν δύο κυβερνήσεων νὰ συντονίσουν τὰς ἐνεργείας των διὰ τὴν ἀντιμετώπισιν τῶν κινδύνων. Αἱ συνομιλίαι ἀφοροῦν εἰς τὸν συντονισμὸν τῆς ἐξωτερικῆς πολιτικῆς καὶ τῆς ἀμυντικῆς θέσεως. Ὁ Κύπριος ὑπουργὸς τῶν Ἐξωτερικῶν κ. Κυπριανοῦ ἐδήλωσεν ὅτι αἱ συνομιλίαι διεξήχθησαν εἰς ἀτμόσφαιραν ἀπολύτου συμφωνίας. Ἐπίσης ἐξητάσθη τὸ θέμα τοῦ ἀνεφοδιασμοῦ τῶν τουρκοκυπριακῶν θυλάκων.

Ο ΣΤΡΑΤΗΓΟΣ ΓΡΙΒΑΣ

Ὁ στρατηγὸς Γρίβας ἐπεσκέφθη χθὲς τὰς θέσεις τῆς Ἐθνικῆς Φρουρᾶς εἰς τὴν περιοχὴν Κοκκίνων. Ὁ ἀρχηγὸς τῶν ἐνόπλων δυνάμεων τῆς Κύπρου ἐπιθεώρησε τὰ ἀμυντικὰ ἔργα καὶ συνωμίλησε μετὰ τῶν ἀξιωματικῶν.

Η ΤΟΥΡΚΙΚΗ

ΑΓΚΥΡΑ, 4. (Ρόϊτερ).— Ὁ ὑπουργὸς τῶν Ἐξωτερικῶν κ. Ἐρκὶν ἐδήλωσεν ὅτι ἡ Τουρκία παρακολουθεῖ τὰς ἐξελίξεις εἰς τὴν Κύπρον.

ΣΥΝΕΧΙΣΘΗΣΑΝ ΧΘΕΣ ΑΙ ΕΡΓΑΣΙΑΙ ΤΟΥ ΣΥΝΕΔΡΙΟΥ ΔΙΑ ΤΟ ΠΑΝΕΠΙΣΤΗΜΙΟΝ ΠΑΤΡΩΝ ΜΕ ΕΙΣΗΓΗΣΕΙΣ ΕΠΙ ΖΗΤΗΜΑΤΩΝ ΟΡΓΑΝΩΣΕΩΣ ΚΑΙ ΔΙΟΙΚΗΣΕΩΣ

Εἰς τὸ συνέδριον διὰ τὸ νέον Πανεπιστήμιον Πατρῶν συνεχίσθησαν χθὲς αἱ ἐργασίαι μὲ εἰσηγήσεις ἐπὶ θεμάτων ὀργανώσεως καὶ διοικήσεως. Ὡμίλησαν καθηγηταὶ τῶν Πανεπιστημίων Ἀθηνῶν καὶ Θεσσαλονίκης, οἱ ὁποῖοι ἀνέπτυξαν τὰς ἀπόψεις των διὰ τὴν δομὴν τοῦ νέου ἱδρύματος.

ΔΙΟΙΚΗΤΙΚΑ ΠΡΟΒΛΗΜΑΤΑ

Ὁ καθηγητὴς κ. Ἀναστασιάδης εἰσηγήθη τὴν ἵδρυσιν αὐτοτελῶν σχολῶν καὶ τὴν ἐφαρμογὴν συγχρόνων μεθόδων διοικήσεως.

Εἰς τὸ συνέδριον διὰ τὸ νέον Πανεπιστήμιον Πατρῶν συνεχίσθησαν χθὲς αἱ ἐργασίαι μὲ εἰσηγήσεις ἐπὶ θεμάτων ὀργανώσεως καὶ διοικήσεως. Ὡμίλησαν καθηγηταὶ τῶν Πανεπιστημίων Ἀθηνῶν καὶ Θεσσαλονίκης, οἱ ὁποῖοι ἀνέπτυξαν τὰς ἀπόψεις των διὰ τὴν δομὴν τοῦ νέου ἱδρύματος.

Η ΙΣΧΥΣ ΤΩΝ ΠΤΥΧΙΩΝ

Διὰ τοῦ νέου νόμου καθορίζεται ἡ ἰσχὺς τῶν πτυχίων τῶν ἀνωτάτων σχολῶν καὶ τὰ δικαιώματα τῶν ἀποφοίτων.

ΑΙ ΕΡΕΥΝΑΙ

Τέλος ὁ ὑπουργὸς ἀνεκοίνωσεν ὅτι συνεχίζονται αἱ ἔρευναι διὰ τὴν διαλεύκανσιν τῆς ὑποθέσεως.

Ο κ. Α. ΠΑΠΑΝΔΡΕΟΥ

Ὁ κ. Ἀνδρέας Παπανδρέου ἐδήλωσεν ὅτι ἡ Κυβέρνησις θὰ συνεχίσῃ τὴν πολιτικὴν τῆς οἰκονομικῆς ἀναπτύξεως.

Εἰς τὸ συνέδριον διὰ τὸ νέον Πανεπιστήμιον Πατρῶν συνεχίσθησαν χθὲς αἱ ἐργασίαι μὲ εἰσηγήσεις ἐπὶ θεμάτων ὀργανώσεως καὶ διοικήσεως. Ὡμίλησαν καθηγηταὶ τῶν Πανεπιστημίων Ἀθηνῶν καὶ Θεσσαλονίκης, οἱ ὁποῖοι ἀνέπτυξαν τὰς ἀπόψεις των διὰ τὴν δομὴν τοῦ νέου ἱδρύματος.

ΨΥΧΟΛΟΓΙΑ ΕΠΙΣΚΕΨΕΩΣ ΜΕ ΤΟΝ ΥΠΟΥΡΓΟΝ ΤΩΝ ΕΣΩΤΕΡΙΚΩΝ

Ὁ ὑπουργὸς τῶν Ἐσωτερικῶν ἐδέχθη τὴν ἐπιτροπὴν τῶν ἐργαζομένων καὶ συνεζήτησε τὰ προβλήματά των.

ΚΑΘΑΡΣΙΝ ΤΗΣ ΕΚΚΛΗΣΙΑΣ ΖΗΤΟΥΝ ΟΙ ΘΕΟΛΟΓΟΙ

Ἡ Πανελλήνιος Ἕνωσις Θεολόγων ἐζήτησε τὴν κάθαρσιν τῆς Ἐκκλησίας καὶ τὴν ἐφαρμογὴν τοῦ νέου καταστατικοῦ χάρτου.

ΠΕΡΙΠΤΩΣΙΣ ΔΙΩΞΕΩΣ ΤΟΥ κ. Κ. ΜΠΑΣΤΙΑ
Η ΣΥΝΕΧΕΙΑ ΑΠΟ ΤΗΝ ΣΕΛΙΔΑ 1

Ὁ κ. Κ. Μπαστιᾶς δήλωσε ὅτι δὲν ὑφίσταται λόγος διώξεως καὶ ὅτι ἡ ὑπόθεσις θὰ διευκρινισθῇ ἐνώπιον τῆς δικαιοσύνης.

Ὁ κ. Ἀνδρέας Παπανδρέου ἐδήλωσεν ὅτι ἡ Κυβέρνησις θὰ συνεχίσῃ τὴν πολιτικὴν τῆς οἰκονομικῆς ἀναπτύξεως.
